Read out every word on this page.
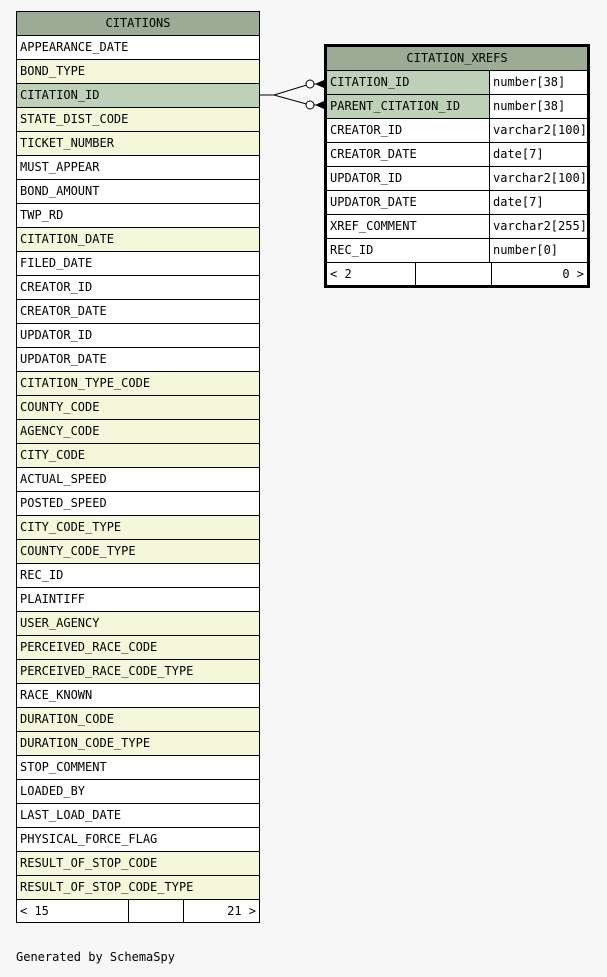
CITATIONS
APPEARANCE_DATE
BOND_TYPE
CITATION_ID
STATE_DIST_CODE
TICKET_NUMBER
MUST_APPEAR
BOND_AMOUNT
TWP_RD
CITATION_DATE
FILED_DATE
CREATOR_ID
CREATOR_DATE
UPDATOR_ID
UPDATOR_DATE
CITATION_TYPE_CODE
COUNTY_CODE
AGENCY_CODE
CITY_CODE
ACTUAL_SPEED
POSTED_SPEED
CITY_CODE_TYPE
COUNTY_CODE_TYPE
REC_ID
PLAINTIFF
USER_AGENCY
PERCEIVED_RACE_CODE
PERCEIVED_RACE_CODE_TYPE
RACE_KNOWN
DURATION_CODE
DURATION_CODE_TYPE
STOP_COMMENT
LOADED_BY
LAST_LOAD_DATE
PHYSICAL_FORCE_FLAG
RESULT_OF_STOP_CODE
RESULT_OF_STOP_CODE_TYPE
< 15	21 >
CITATION_XREFS
CITATION_ID	number[38]
PARENT_CITATION_ID	number[38]
CREATOR_ID	varchar2[100]
CREATOR_DATE	date[7]
UPDATOR_ID	varchar2[100]
UPDATOR_DATE	date[7]
XREF_COMMENT	varchar2[255]
REC_ID	number[0]
< 2	0 >
Generated by SchemaSpy
